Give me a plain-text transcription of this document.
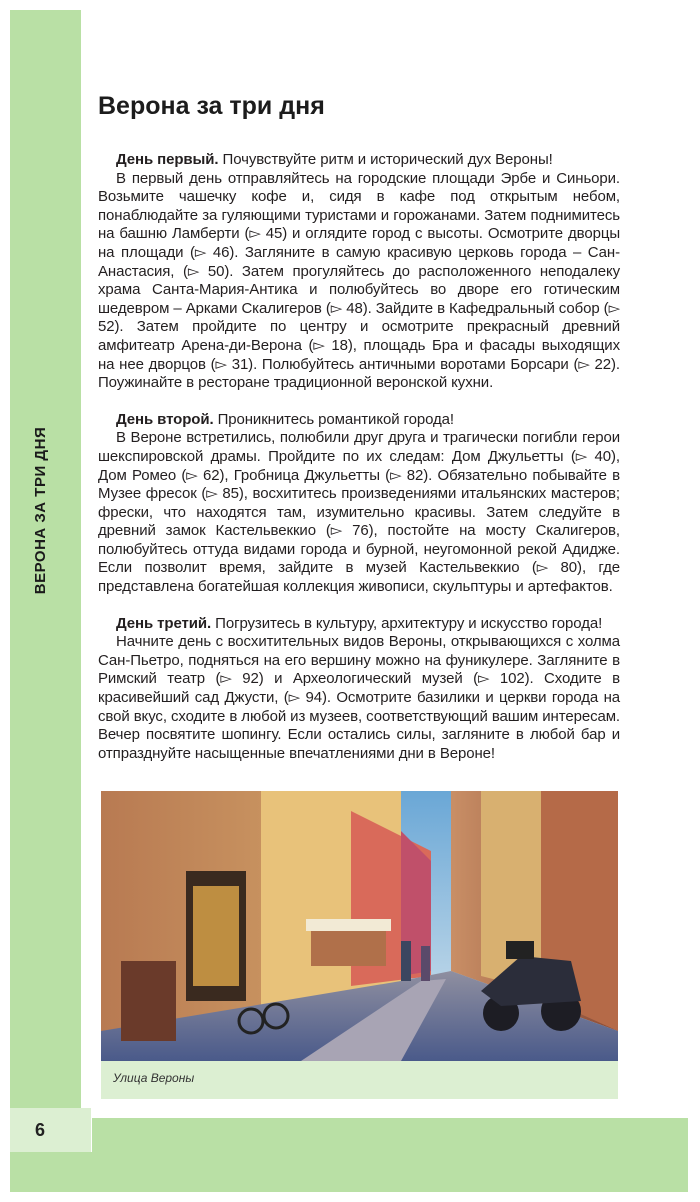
ВЕРОНА ЗА ТРИ ДНЯ
6
Верона за три дня

День первый. Почувствуйте ритм и исторический дух Вероны!

В первый день отправляйтесь на городские площади Эрбе и Синьори. Возьмите чашечку кофе и, сидя в кафе под открытым небом, понаблюдайте за гуляющими туристами и горожанами. Затем поднимитесь на башню Ламберти (▻ 45) и оглядите город с высоты. Осмотрите дворцы на площади (▻ 46). Загляните в самую красивую церковь города – Сан-Анастасия, (▻ 50). Затем прогуляйтесь до расположенного неподалеку храма Санта-Мария-Антика и полюбуйтесь во дворе его готическим шедевром – Арками Скалигеров (▻ 48). Зайдите в Кафедральный собор (▻ 52). Затем пройдите по центру и осмотрите прекрасный древний амфитеатр Арена-ди-Верона (▻ 18), площадь Бра и фасады выходящих на нее дворцов (▻ 31). Полюбуйтесь античными воротами Борсари (▻ 22). Поужинайте в ресторане традиционной веронской кухни.

День второй. Проникнитесь романтикой города!

В Вероне встретились, полюбили друг друга и трагически погибли герои шекспировской драмы. Пройдите по их следам: Дом Джульетты (▻ 40), Дом Ромео (▻ 62), Гробница Джульетты (▻ 82). Обязательно побывайте в Музее фресок (▻ 85), восхититесь произведениями итальянских мастеров; фрески, что находятся там, изумительно красивы. Затем следуйте в древний замок Кастельвеккио (▻ 76), постойте на мосту Скалигеров, полюбуйтесь оттуда видами города и бурной, неугомонной рекой Адидже. Если позволит время, зайдите в музей Кастельвеккио (▻ 80), где представлена богатейшая коллекция живописи, скульптуры и артефактов.

День третий. Погрузитесь в культуру, архитектуру и искусство города!

Начните день с восхитительных видов Вероны, открывающихся с холма Сан-Пьетро, подняться на его вершину можно на фуникулере. Загляните в Римский театр (▻ 92) и Археологический музей (▻ 102). Сходите в красивейший сад Джусти, (▻ 94). Осмотрите базилики и церкви города на свой вкус, сходите в любой из музеев, соответствующий вашим интересам. Вечер посвятите шопингу. Если остались силы, загляните в любой бар и отпразднуйте насыщенные впечатлениями дни в Вероне!

Улица Вероны
